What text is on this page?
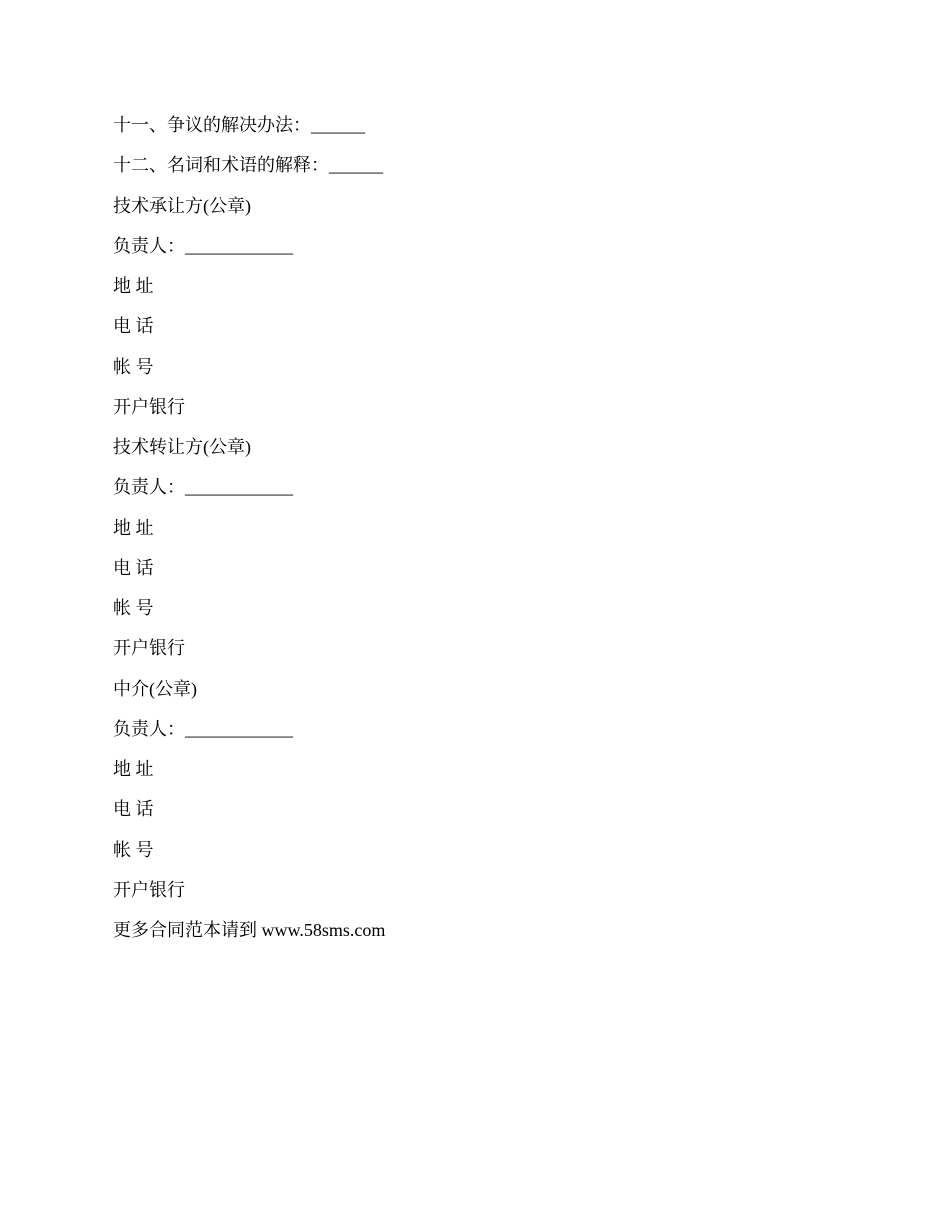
十一、争议的解决办法：______
十二、名词和术语的解释：______
技术承让方(公章)
负责人：____________
地 址
电 话
帐 号
开户银行
技术转让方(公章)
负责人：____________
地 址
电 话
帐 号
开户银行
中介(公章)
负责人：____________
地 址
电 话
帐 号
开户银行
更多合同范本请到 www.58sms.com
